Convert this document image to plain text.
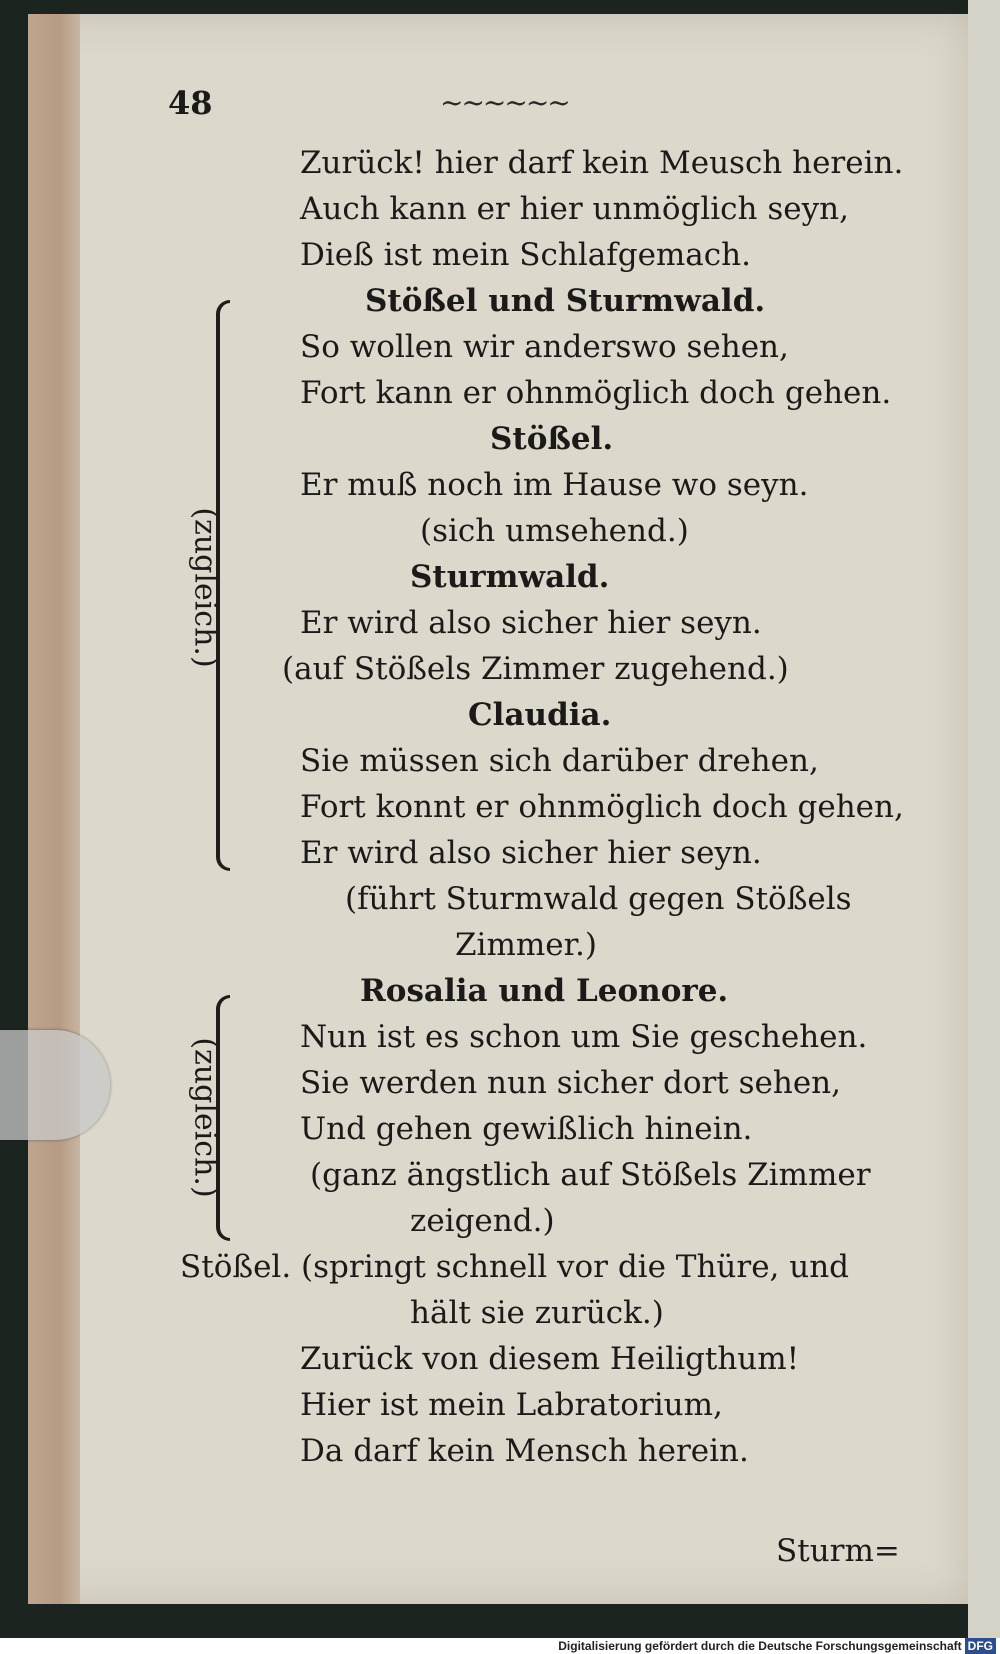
48	~~~~~~
Zurück! hier darf kein Meusch herein.
Auch kann er hier unmöglich seyn,
Dieß ist mein Schlafgemach.
Stößel und Sturmwald.
So wollen wir anderswo sehen,
Fort kann er ohnmöglich doch gehen.
Stößel.
Er muß noch im Hause wo seyn.
(sich umsehend.)
Sturmwald.
Er wird also sicher hier seyn.
(auf Stößels Zimmer zugehend.)
Claudia.
Sie müssen sich darüber drehen,
Fort konnt er ohnmöglich doch gehen,
Er wird also sicher hier seyn.
(führt Sturmwald gegen Stößels
Zimmer.)
Rosalia und Leonore.
Nun ist es schon um Sie geschehen.
Sie werden nun sicher dort sehen,
Und gehen gewißlich hinein.
(ganz ängstlich auf Stößels Zimmer
zeigend.)
Stößel. (springt schnell vor die Thüre, und
hält sie zurück.)
Zurück von diesem Heiligthum!
Hier ist mein Labratorium,
Da darf kein Mensch herein.
Sturm=
(zugleich.)
(zugleich.)
Digitalisierung gefördert durch die Deutsche Forschungsgemeinschaft DFG
